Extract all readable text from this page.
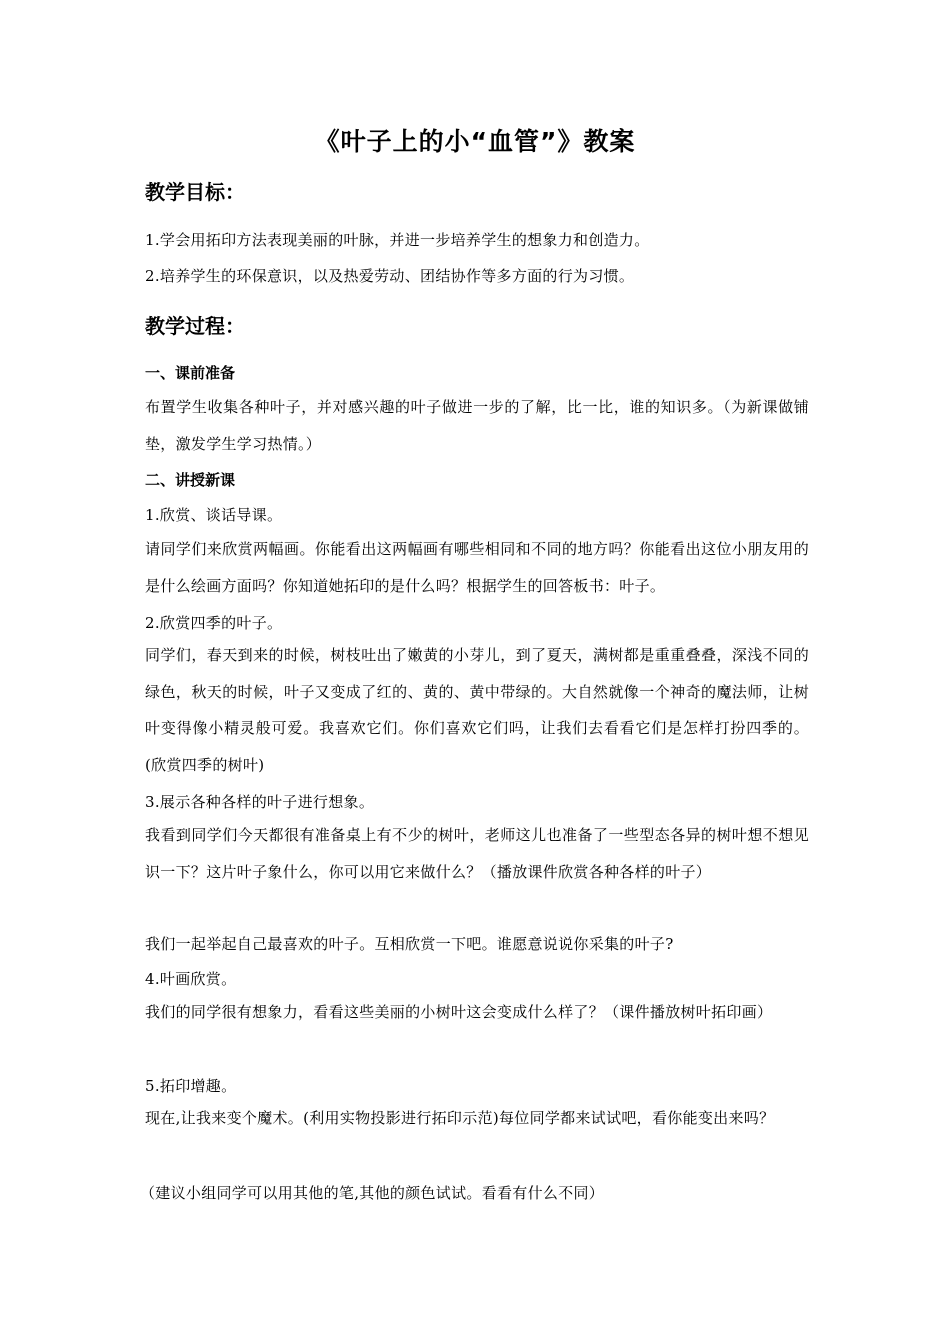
《叶子上的小“血管”》教案
教学目标：
1.学会用拓印方法表现美丽的叶脉，并进一步培养学生的想象力和创造力。
2.培养学生的环保意识，以及热爱劳动、团结协作等多方面的行为习惯。
教学过程：
一、课前准备
布置学生收集各种叶子，并对感兴趣的叶子做进一步的了解，比一比，谁的知识多。（为新课做铺垫，激发学生学习热情。）
二、讲授新课
1.欣赏、谈话导课。
请同学们来欣赏两幅画。你能看出这两幅画有哪些相同和不同的地方吗？你能看出这位小朋友用的是什么绘画方面吗？你知道她拓印的是什么吗？根据学生的回答板书：叶子。
2.欣赏四季的叶子。
同学们，春天到来的时候，树枝吐出了嫩黄的小芽儿，到了夏天，满树都是重重叠叠，深浅不同的绿色，秋天的时候，叶子又变成了红的、黄的、黄中带绿的。大自然就像一个神奇的魔法师，让树叶变得像小精灵般可爱。我喜欢它们。你们喜欢它们吗，让我们去看看它们是怎样打扮四季的。(欣赏四季的树叶)
3.展示各种各样的叶子进行想象。
我看到同学们今天都很有准备桌上有不少的树叶，老师这儿也准备了一些型态各异的树叶想不想见识一下？这片叶子象什么，你可以用它来做什么？（播放课件欣赏各种各样的叶子）
我们一起举起自己最喜欢的叶子。互相欣赏一下吧。谁愿意说说你采集的叶子?
4.叶画欣赏。
我们的同学很有想象力，看看这些美丽的小树叶这会变成什么样了？（课件播放树叶拓印画）
5.拓印增趣。
现在,让我来变个魔术。(利用实物投影进行拓印示范)每位同学都来试试吧，看你能变出来吗？
（建议小组同学可以用其他的笔,其他的颜色试试。看看有什么不同）
